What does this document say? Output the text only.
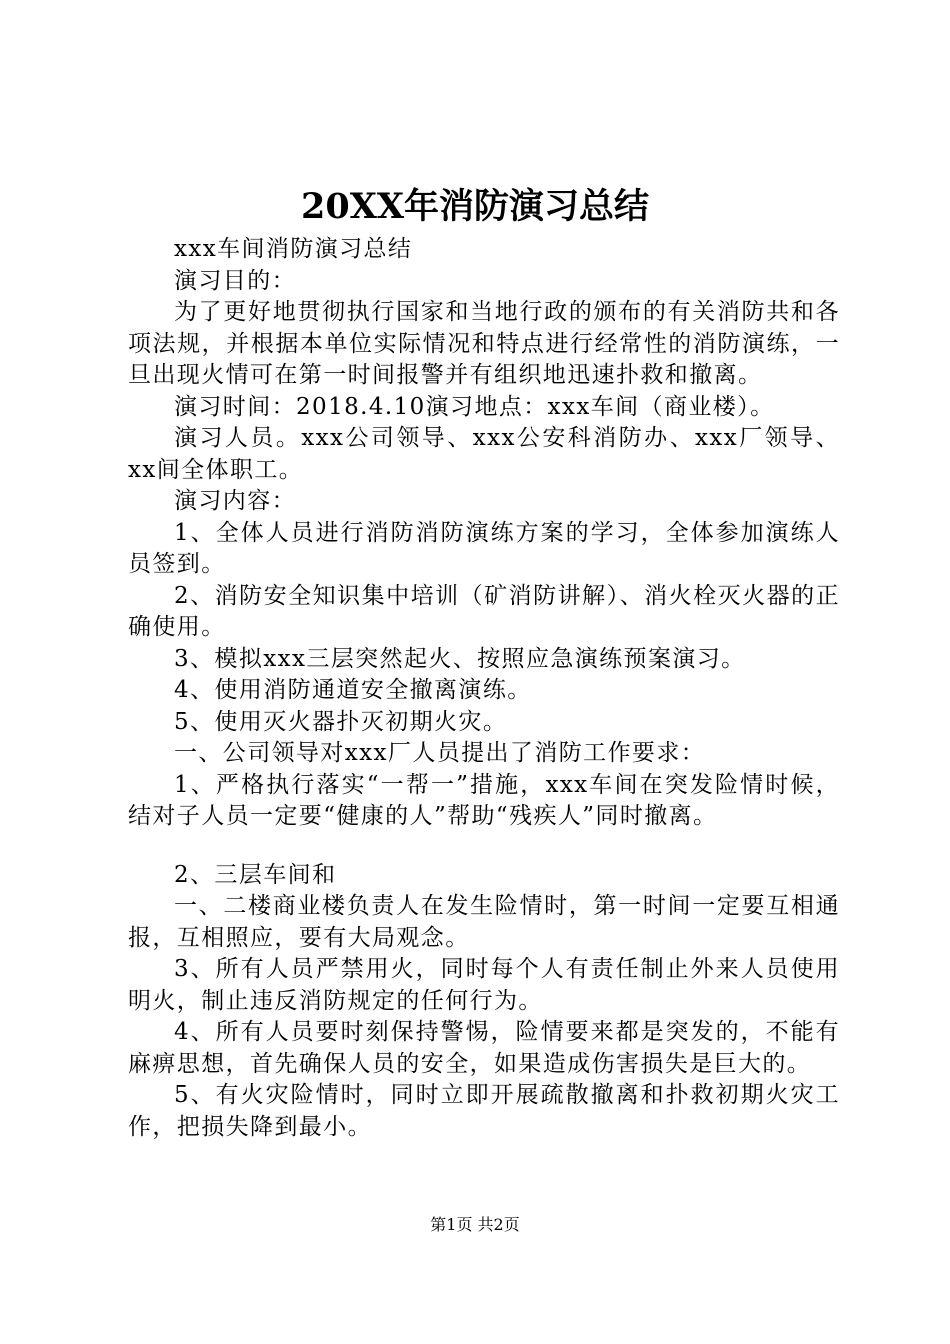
20XX年消防演习总结

xxx车间消防演习总结

演习目的：

为了更好地贯彻执行国家和当地行政的颁布的有关消防共和各项法规，并根据本单位实际情况和特点进行经常性的消防演练，一旦出现火情可在第一时间报警并有组织地迅速扑救和撤离。

演习时间：2018.4.10演习地点：xxx车间（商业楼）。

演习人员。xxx公司领导、xxx公安科消防办、xxx厂领导、xx间全体职工。

演习内容：

1、全体人员进行消防消防演练方案的学习，全体参加演练人员签到。

2、消防安全知识集中培训（矿消防讲解）、消火栓灭火器的正确使用。

3、模拟xxx三层突然起火、按照应急演练预案演习。

4、使用消防通道安全撤离演练。

5、使用灭火器扑灭初期火灾。

一、公司领导对xxx厂人员提出了消防工作要求：

1、严格执行落实“一帮一”措施，xxx车间在突发险情时候，结对子人员一定要“健康的人”帮助“残疾人”同时撤离。

2、三层车间和

一、二楼商业楼负责人在发生险情时，第一时间一定要互相通报，互相照应，要有大局观念。

3、所有人员严禁用火，同时每个人有责任制止外来人员使用明火，制止违反消防规定的任何行为。

4、所有人员要时刻保持警惕，险情要来都是突发的，不能有麻痹思想，首先确保人员的安全，如果造成伤害损失是巨大的。

5、有火灾险情时，同时立即开展疏散撤离和扑救初期火灾工作，把损失降到最小。

第1页 共2页
